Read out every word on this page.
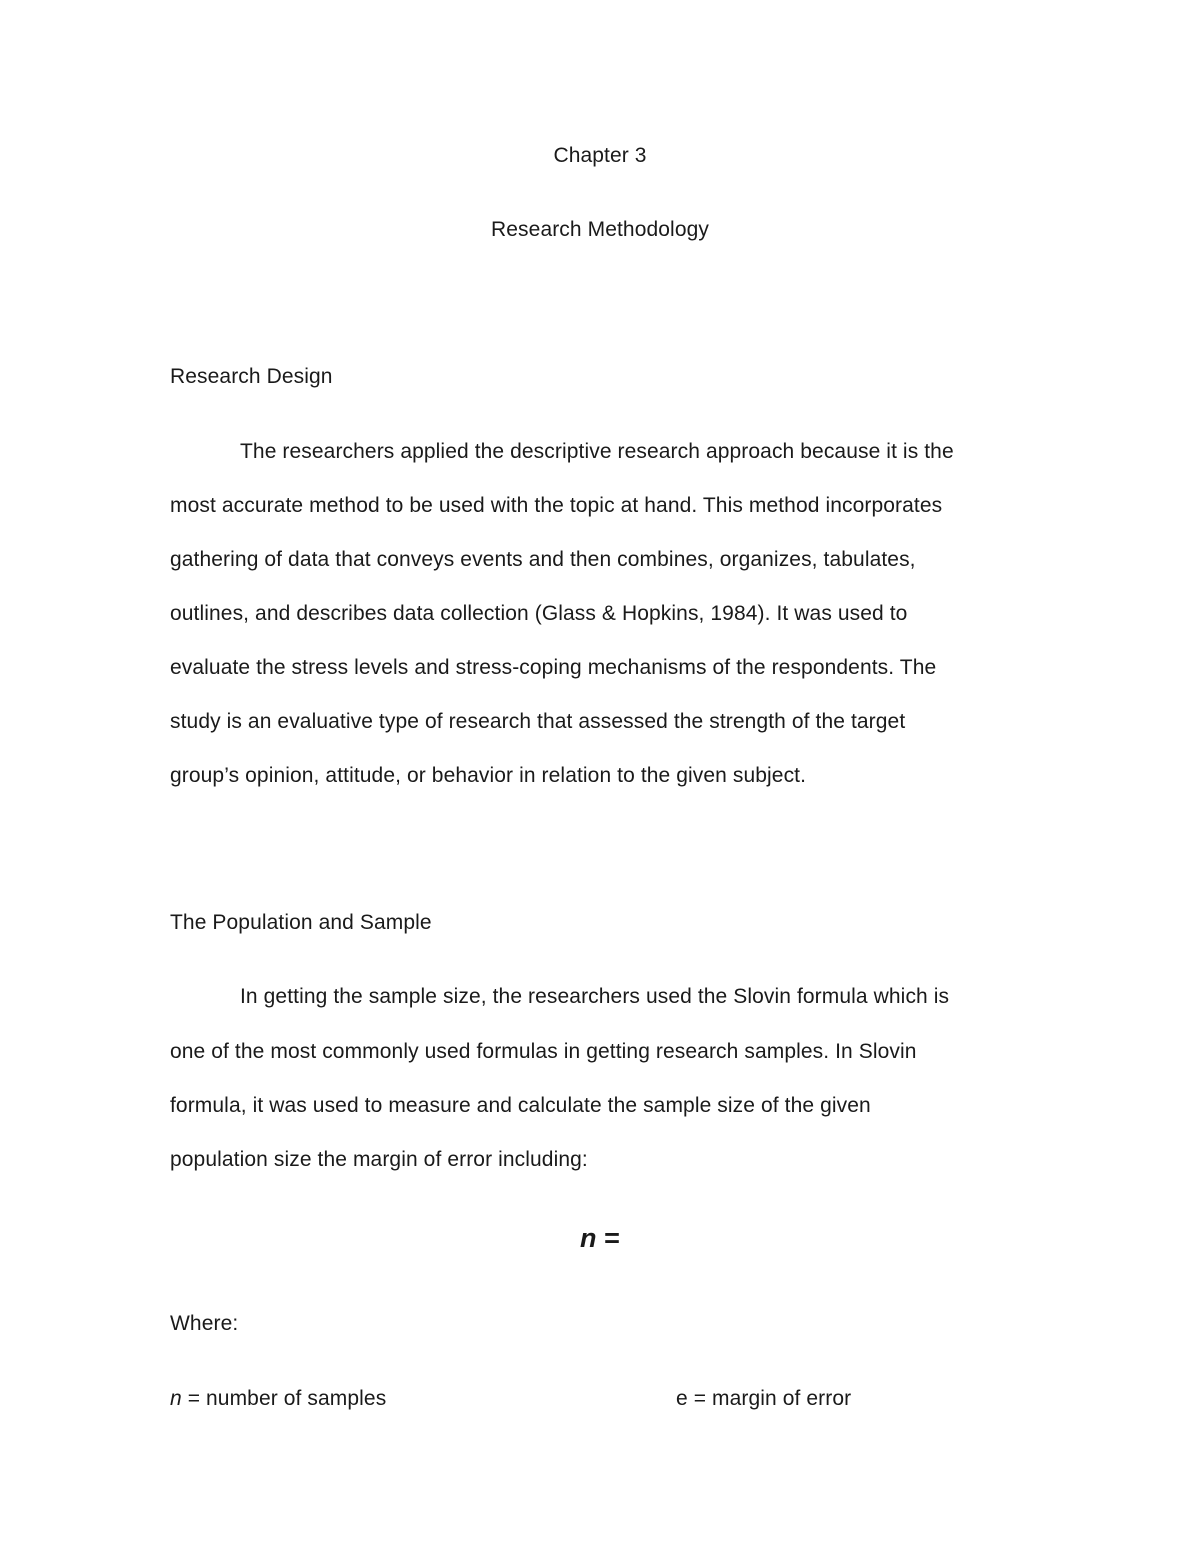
Chapter 3
Research Methodology
Research Design
The researchers applied the descriptive research approach because it is the
most accurate method to be used with the topic at hand. This method incorporates
gathering of data that conveys events and then combines, organizes, tabulates,
outlines, and describes data collection (Glass & Hopkins, 1984). It was used to
evaluate the stress levels and stress-coping mechanisms of the respondents. The
study is an evaluative type of research that assessed the strength of the target
group’s opinion, attitude, or behavior in relation to the given subject.
The Population and Sample
In getting the sample size, the researchers used the Slovin formula which is
one of the most commonly used formulas in getting research samples. In Slovin
formula, it was used to measure and calculate the sample size of the given
population size the margin of error including:
n =
Where:
n = number of samples	e = margin of error
